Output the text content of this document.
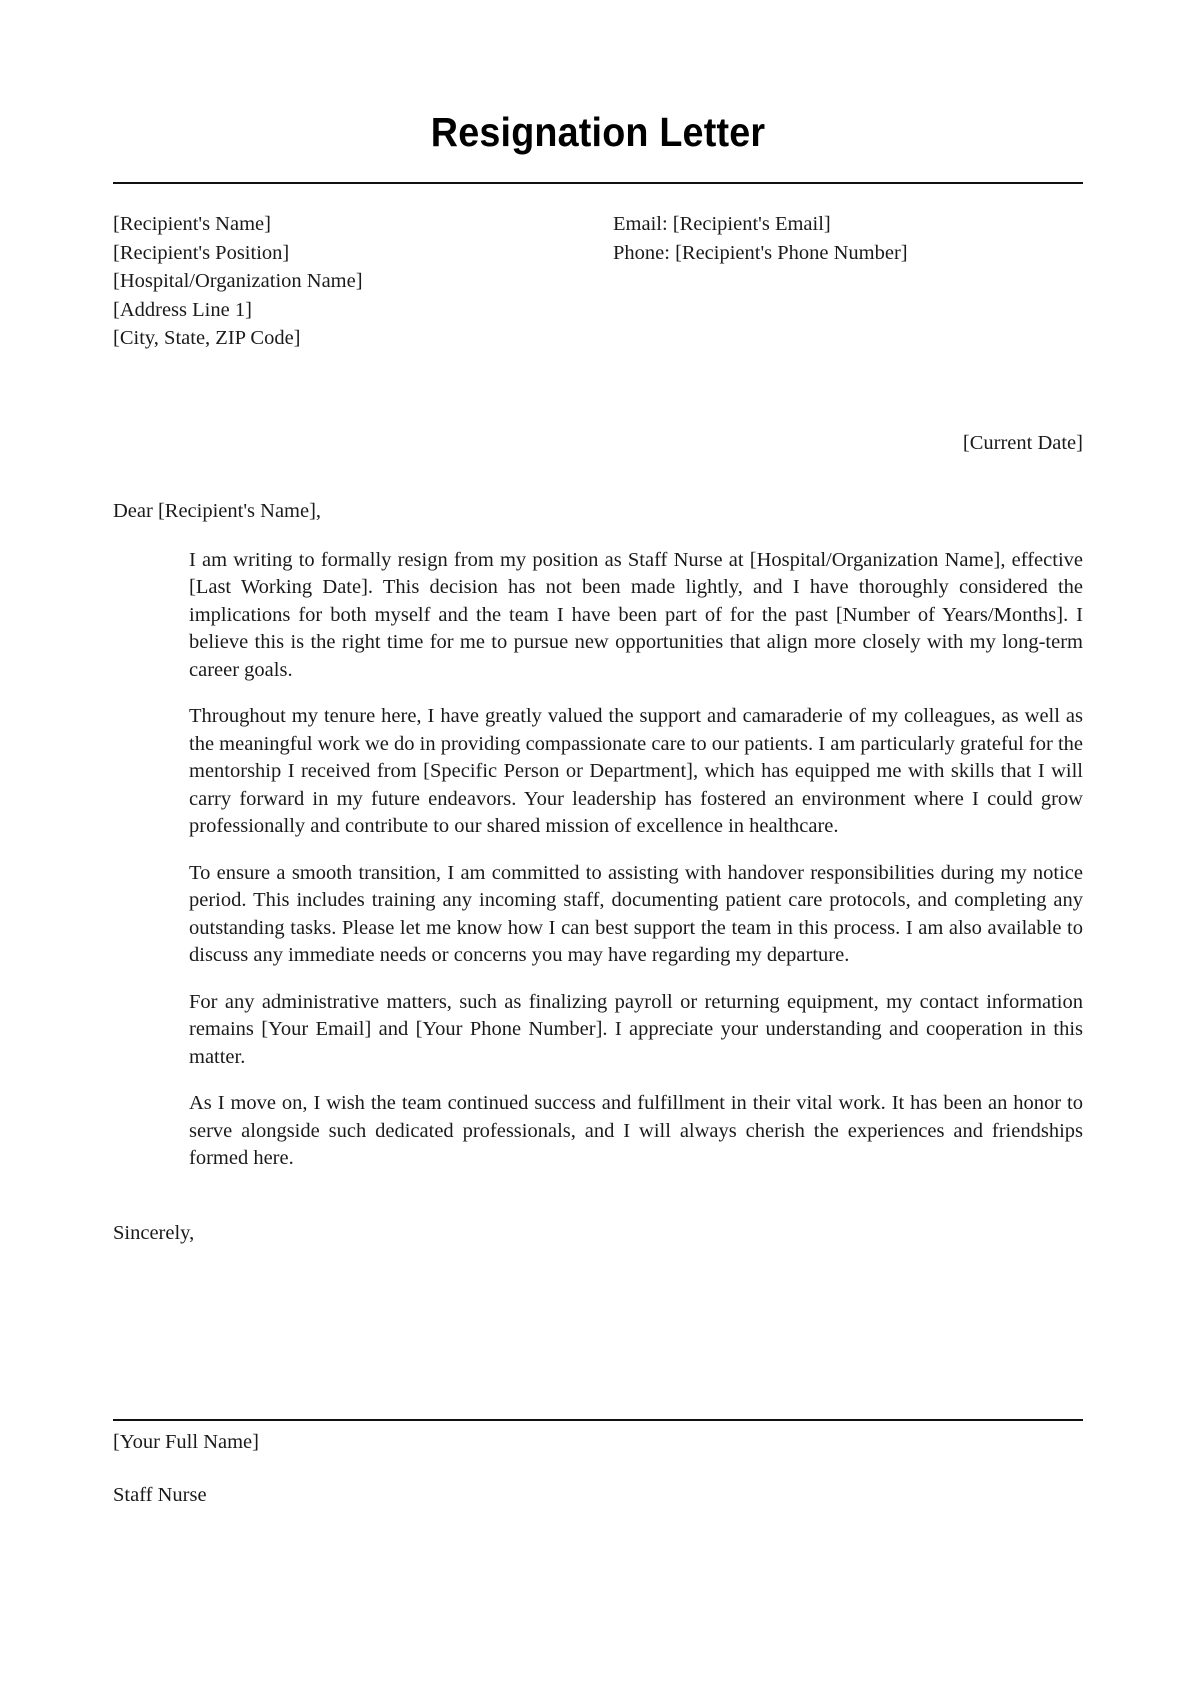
Resignation Letter
[Recipient's Name]
[Recipient's Position]
[Hospital/Organization Name]
[Address Line 1]
[City, State, ZIP Code]
Email: [Recipient's Email]
Phone: [Recipient's Phone Number]
[Current Date]
Dear [Recipient's Name],

I am writing to formally resign from my position as Staff Nurse at [Hospital/Organization Name], effective [Last Working Date]. This decision has not been made lightly, and I have thoroughly considered the implications for both myself and the team I have been part of for the past [Number of Years/Months]. I believe this is the right time for me to pursue new opportunities that align more closely with my long-term career goals.

Throughout my tenure here, I have greatly valued the support and camaraderie of my colleagues, as well as the meaningful work we do in providing compassionate care to our patients. I am particularly grateful for the mentorship I received from [Specific Person or Department], which has equipped me with skills that I will carry forward in my future endeavors. Your leadership has fostered an environment where I could grow professionally and contribute to our shared mission of excellence in healthcare.

To ensure a smooth transition, I am committed to assisting with handover responsibilities during my notice period. This includes training any incoming staff, documenting patient care protocols, and completing any outstanding tasks. Please let me know how I can best support the team in this process. I am also available to discuss any immediate needs or concerns you may have regarding my departure.

For any administrative matters, such as finalizing payroll or returning equipment, my contact information remains [Your Email] and [Your Phone Number]. I appreciate your understanding and cooperation in this matter.

As I move on, I wish the team continued success and fulfillment in their vital work. It has been an honor to serve alongside such dedicated professionals, and I will always cherish the experiences and friendships formed here.

Sincerely,
[Your Full Name]
Staff Nurse
